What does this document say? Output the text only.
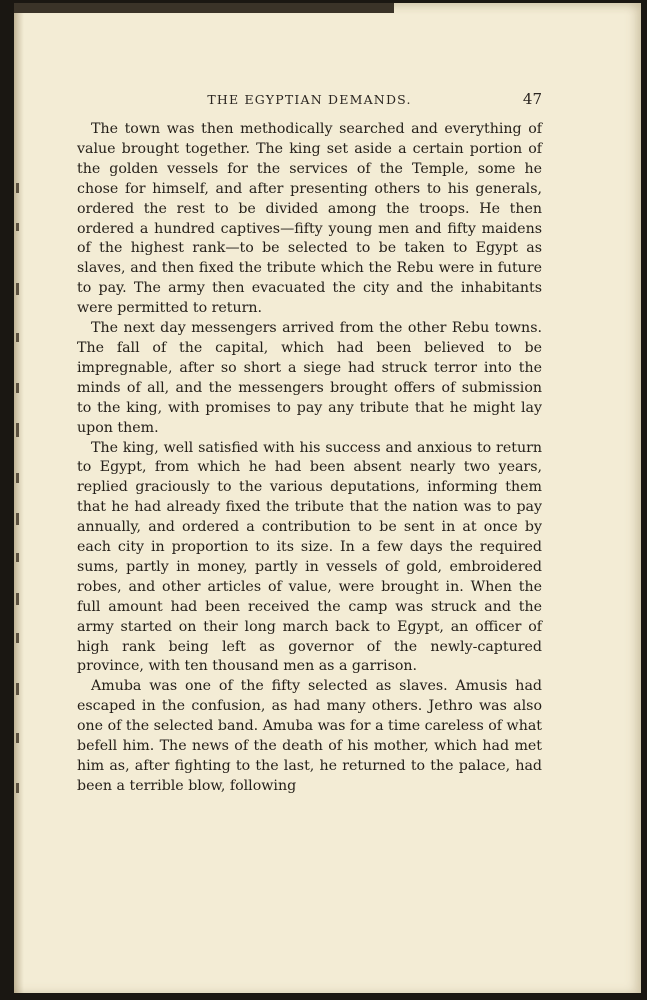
THE EGYPTIAN DEMANDS.	47

The town was then methodically searched and everything of value brought together. The king set aside a certain portion of the golden vessels for the services of the Temple, some he chose for himself, and after presenting others to his generals, ordered the rest to be divided among the troops. He then ordered a hundred captives—fifty young men and fifty maidens of the highest rank—to be selected to be taken to Egypt as slaves, and then fixed the tribute which the Rebu were in future to pay. The army then evacuated the city and the inhabitants were permitted to return.

The next day messengers arrived from the other Rebu towns. The fall of the capital, which had been believed to be impregnable, after so short a siege had struck terror into the minds of all, and the messengers brought offers of submission to the king, with promises to pay any tribute that he might lay upon them.

The king, well satisfied with his success and anxious to return to Egypt, from which he had been absent nearly two years, replied graciously to the various deputations, informing them that he had already fixed the tribute that the nation was to pay annually, and ordered a contribution to be sent in at once by each city in proportion to its size. In a few days the required sums, partly in money, partly in vessels of gold, embroidered robes, and other articles of value, were brought in. When the full amount had been received the camp was struck and the army started on their long march back to Egypt, an officer of high rank being left as governor of the newly-captured province, with ten thousand men as a garrison.

Amuba was one of the fifty selected as slaves. Amusis had escaped in the confusion, as had many others. Jethro was also one of the selected band. Amuba was for a time careless of what befell him. The news of the death of his mother, which had met him as, after fighting to the last, he returned to the palace, had been a terrible blow, following
